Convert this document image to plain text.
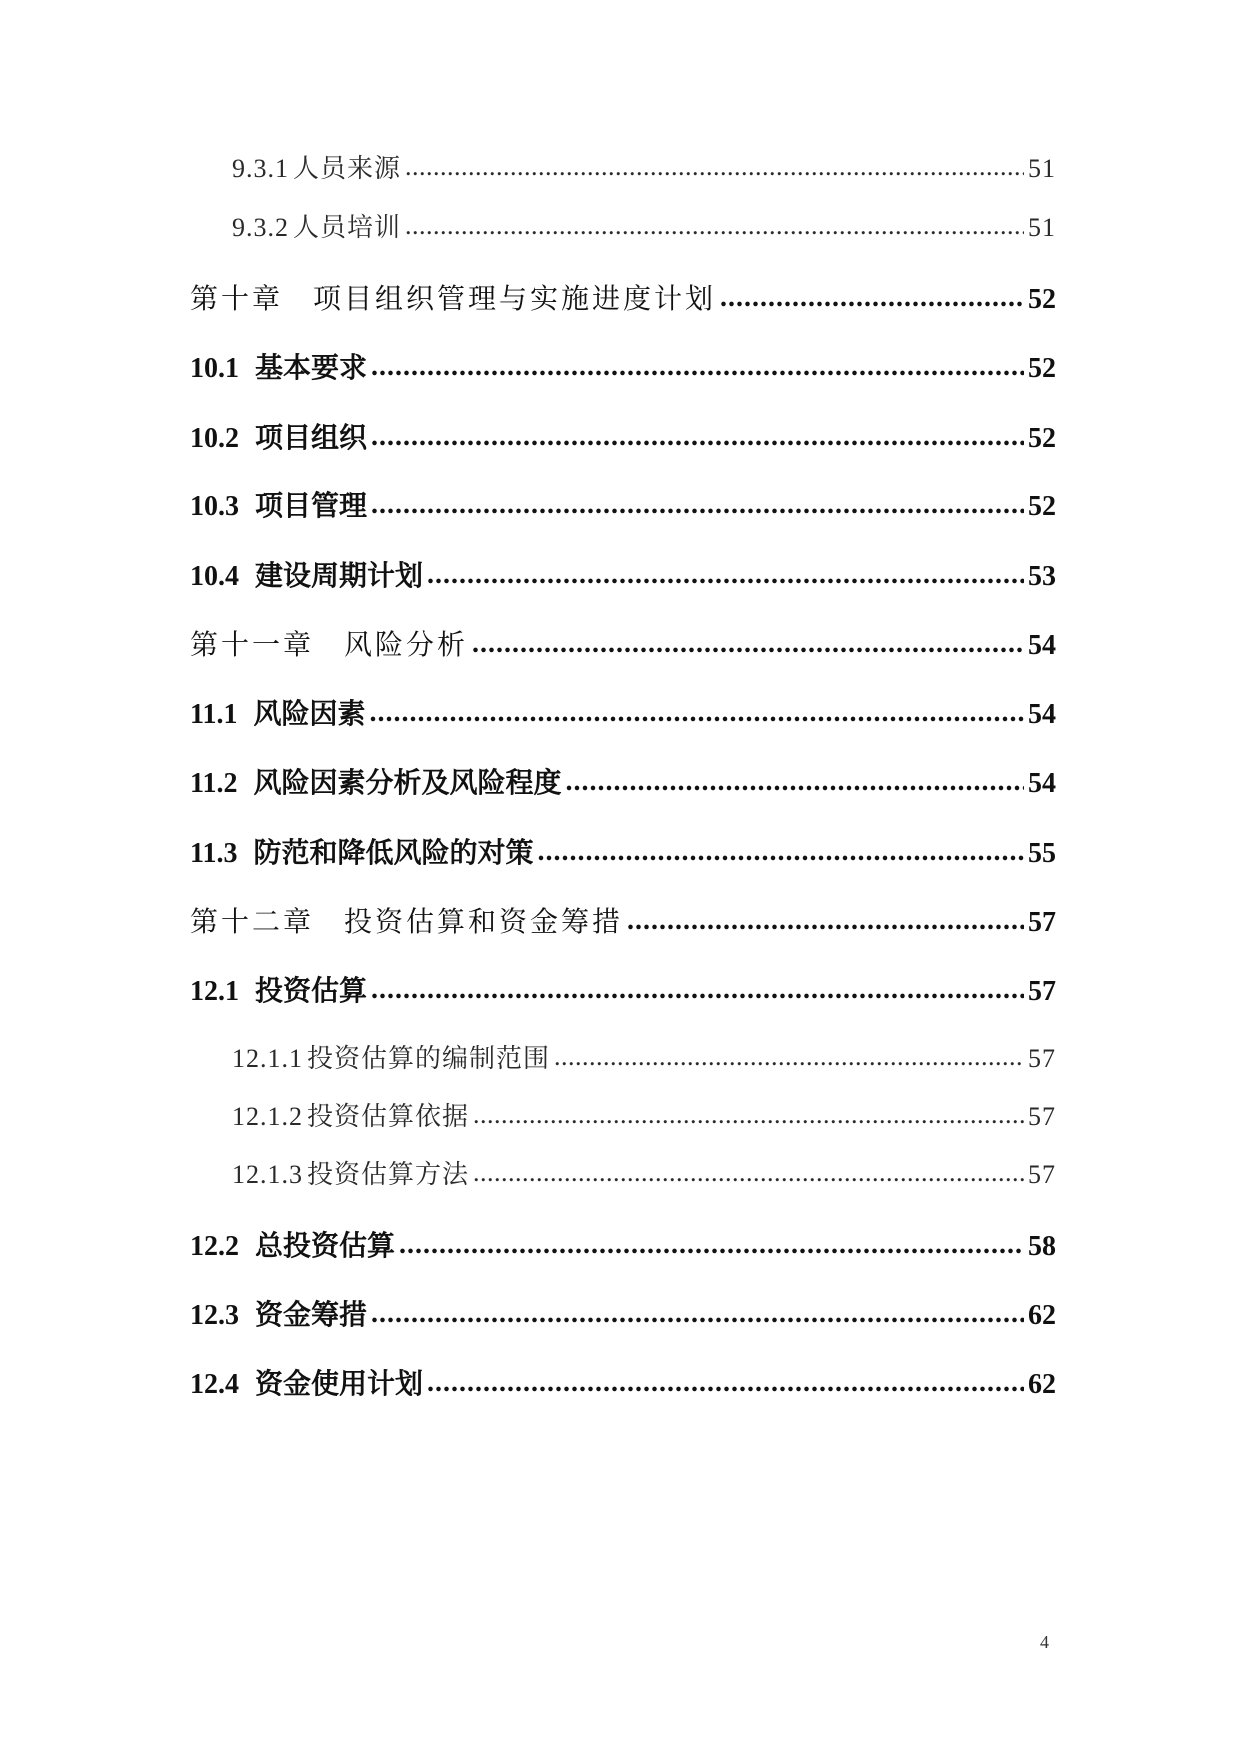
9.3.1 人员来源 .....	51
9.3.2 人员培训 .....	51
第十章 项目组织管理与实施进度计划 .....	52
10.1 基本要求 .....	52
10.2 项目组织 .....	52
10.3 项目管理 .....	52
10.4 建设周期计划 .....	53
第十一章 风险分析 .....	54
11.1 风险因素 .....	54
11.2 风险因素分析及风险程度 .....	54
11.3 防范和降低风险的对策 .....	55
第十二章 投资估算和资金筹措 .....	57
12.1 投资估算 .....	57
12.1.1 投资估算的编制范围 .....	57
12.1.2 投资估算依据 .....	57
12.1.3 投资估算方法 .....	57
12.2 总投资估算 .....	58
12.3 资金筹措 .....	62
12.4 资金使用计划 .....	62
4
